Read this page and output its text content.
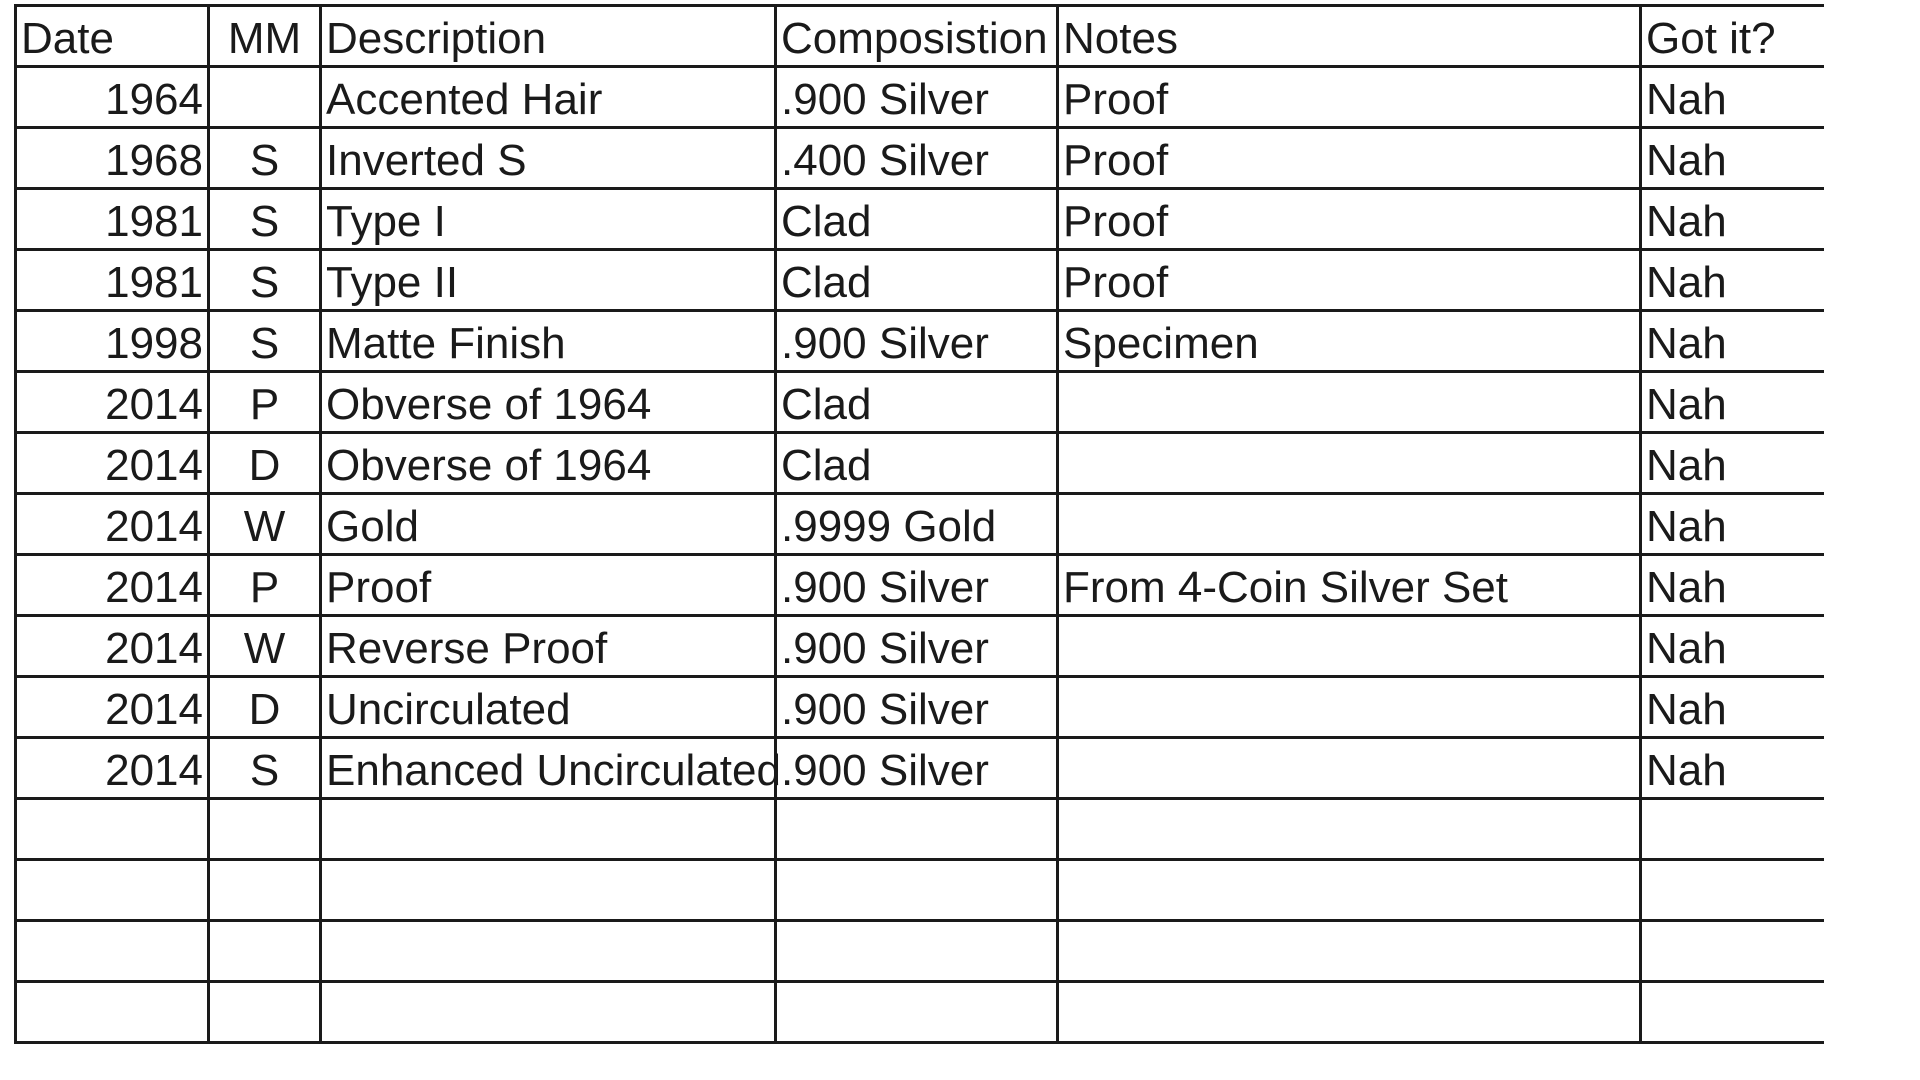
Date	MM	Description	Composistion	Notes	Got it?
1964		Accented Hair	.900 Silver	Proof	Nah
1968	S	Inverted S	.400 Silver	Proof	Nah
1981	S	Type I	Clad	Proof	Nah
1981	S	Type II	Clad	Proof	Nah
1998	S	Matte Finish	.900 Silver	Specimen	Nah
2014	P	Obverse of 1964	Clad		Nah
2014	D	Obverse of 1964	Clad		Nah
2014	W	Gold	.9999 Gold		Nah
2014	P	Proof	.900 Silver	From 4-Coin Silver Set	Nah
2014	W	Reverse Proof	.900 Silver		Nah
2014	D	Uncirculated	.900 Silver		Nah
2014	S	Enhanced Uncirculated	.900 Silver		Nah
